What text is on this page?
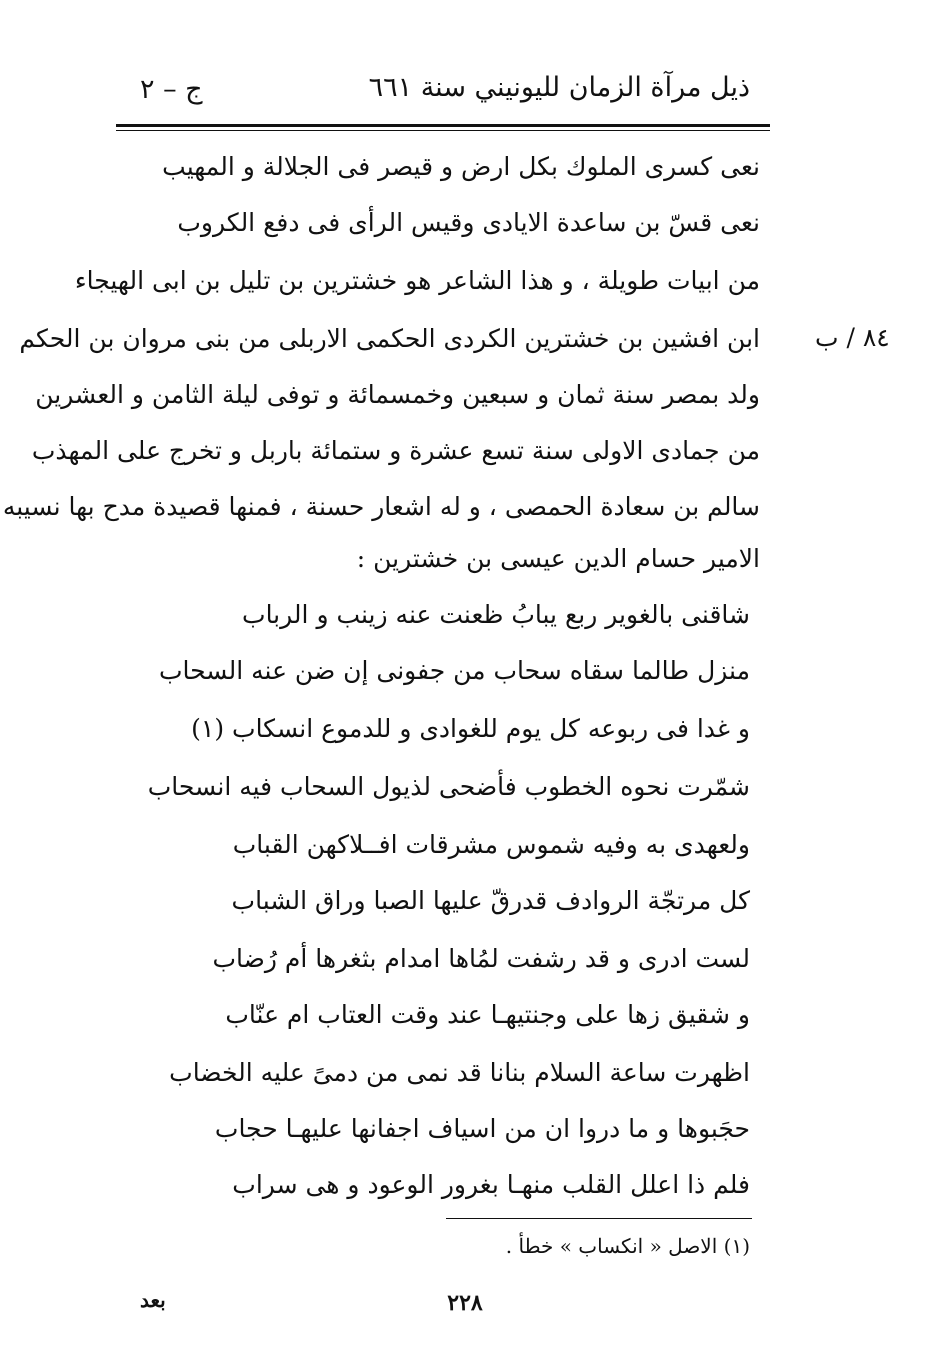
ذيل مرآة الزمان لليونيني سنة ٦٦١
ج – ٢
نعى كسرى الملوك بكل ارض و قيصر فى الجلالة و المهيب
نعى قسّ بن ساعدة الايادى وقيس الرأى فى دفع الكروب
من ابيات طويلة ، و هذا الشاعر هو خشترين بن تليل بن ابى الهيجاء
ابن افشين بن خشترين الكردى الحكمى الاربلى من بنى مروان بن الحكم ٨٤ / ب
ولد بمصر سنة ثمان و سبعين وخمسمائة و توفى ليلة الثامن و العشرين
من جمادى الاولى سنة تسع عشرة و ستمائة باربل و تخرج على المهذب
سالم بن سعادة الحمصى ، و له اشعار حسنة ، فمنها قصيدة مدح بها نسيبه
الامير حسام الدين عيسى بن خشترين :
شاقنى بالغوير ربع يبابُ ظعنت عنه زينب و الرباب
منزل طالما سقاه سحاب من جفونى إن ضن عنه السحاب
و غدا فى ربوعه كل يوم للغوادى و للدموع انسكاب (١)
شمّرت نحوه الخطوب فأضحى لذيول السحاب فيه انسحاب
ولعهدى به وفيه شموس مشرقات افــلاكهن القباب
كل مرتجّة الروادف قدرقّ عليها الصبا وراق الشباب
لست ادرى و قد رشفت لمُاها امدام بثغرها أم رُضاب
و شقيق زها على وجنتيهـا عند وقت العتاب ام عنّاب
اظهرت ساعة السلام بنانا قد نمى من دمىً عليه الخضاب
حجَبوها و ما دروا ان من اسياف اجفانها عليهـا حجاب
فلم ذا اعلل القلب منهـا بغرور الوعود و هى سراب
(١) الاصل « انكساب » خطأ .
٢٢٨
بعد
